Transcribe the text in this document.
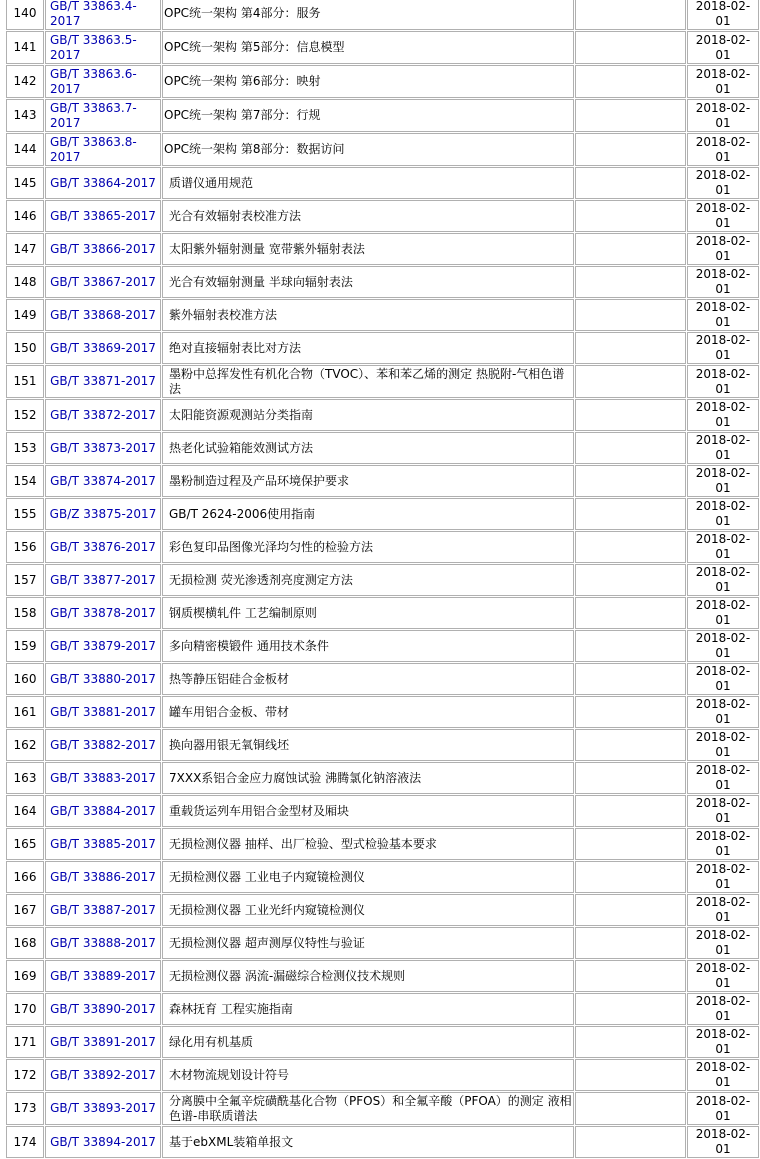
140	GB/T 33863.4-2017	OPC统一架构 第4部分：服务		2018-02-01
141	GB/T 33863.5-2017	OPC统一架构 第5部分：信息模型		2018-02-01
142	GB/T 33863.6-2017	OPC统一架构 第6部分：映射		2018-02-01
143	GB/T 33863.7-2017	OPC统一架构 第7部分：行规		2018-02-01
144	GB/T 33863.8-2017	OPC统一架构 第8部分：数据访问		2018-02-01
145	GB/T 33864-2017	质谱仪通用规范		2018-02-01
146	GB/T 33865-2017	光合有效辐射表校准方法		2018-02-01
147	GB/T 33866-2017	太阳紫外辐射测量 宽带紫外辐射表法		2018-02-01
148	GB/T 33867-2017	光合有效辐射测量 半球向辐射表法		2018-02-01
149	GB/T 33868-2017	紫外辐射表校准方法		2018-02-01
150	GB/T 33869-2017	绝对直接辐射表比对方法		2018-02-01
151	GB/T 33871-2017	墨粉中总挥发性有机化合物（TVOC）、苯和苯乙烯的测定 热脱附-气相色谱法		2018-02-01
152	GB/T 33872-2017	太阳能资源观测站分类指南		2018-02-01
153	GB/T 33873-2017	热老化试验箱能效测试方法		2018-02-01
154	GB/T 33874-2017	墨粉制造过程及产品环境保护要求		2018-02-01
155	GB/Z 33875-2017	GB/T 2624-2006使用指南		2018-02-01
156	GB/T 33876-2017	彩色复印品图像光泽均匀性的检验方法		2018-02-01
157	GB/T 33877-2017	无损检测 荧光渗透剂亮度测定方法		2018-02-01
158	GB/T 33878-2017	钢质楔横轧件 工艺编制原则		2018-02-01
159	GB/T 33879-2017	多向精密模锻件 通用技术条件		2018-02-01
160	GB/T 33880-2017	热等静压铝硅合金板材		2018-02-01
161	GB/T 33881-2017	罐车用铝合金板、带材		2018-02-01
162	GB/T 33882-2017	换向器用银无氧铜线坯		2018-02-01
163	GB/T 33883-2017	7XXX系铝合金应力腐蚀试验 沸腾氯化钠溶液法		2018-02-01
164	GB/T 33884-2017	重载货运列车用铝合金型材及厢块		2018-02-01
165	GB/T 33885-2017	无损检测仪器 抽样、出厂检验、型式检验基本要求		2018-02-01
166	GB/T 33886-2017	无损检测仪器 工业电子内窥镜检测仪		2018-02-01
167	GB/T 33887-2017	无损检测仪器 工业光纤内窥镜检测仪		2018-02-01
168	GB/T 33888-2017	无损检测仪器 超声测厚仪特性与验证		2018-02-01
169	GB/T 33889-2017	无损检测仪器 涡流-漏磁综合检测仪技术规则		2018-02-01
170	GB/T 33890-2017	森林抚育 工程实施指南		2018-02-01
171	GB/T 33891-2017	绿化用有机基质		2018-02-01
172	GB/T 33892-2017	木材物流规划设计符号		2018-02-01
173	GB/T 33893-2017	分离膜中全氟辛烷磺酰基化合物（PFOS）和全氟辛酸（PFOA）的测定 液相色谱-串联质谱法		2018-02-01
174	GB/T 33894-2017	基于ebXML装箱单报文		2018-02-01
